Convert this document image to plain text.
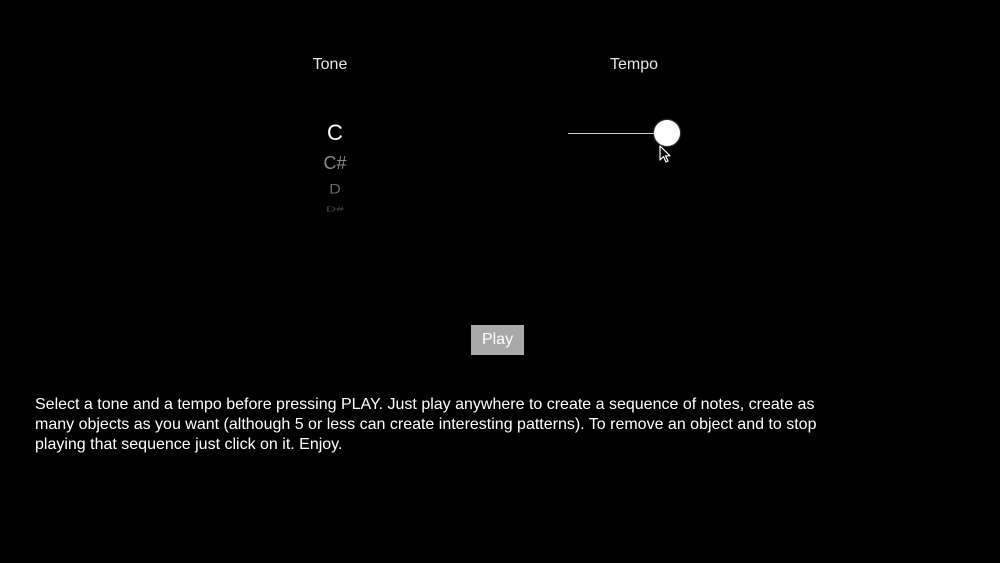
Tone	Tempo
C
C#
D
D#
Play
Select a tone and a tempo before pressing PLAY. Just play anywhere to create a sequence of notes, create as many objects as you want (although 5 or less can create interesting patterns). To remove an object and to stop playing that sequence just click on it. Enjoy.
